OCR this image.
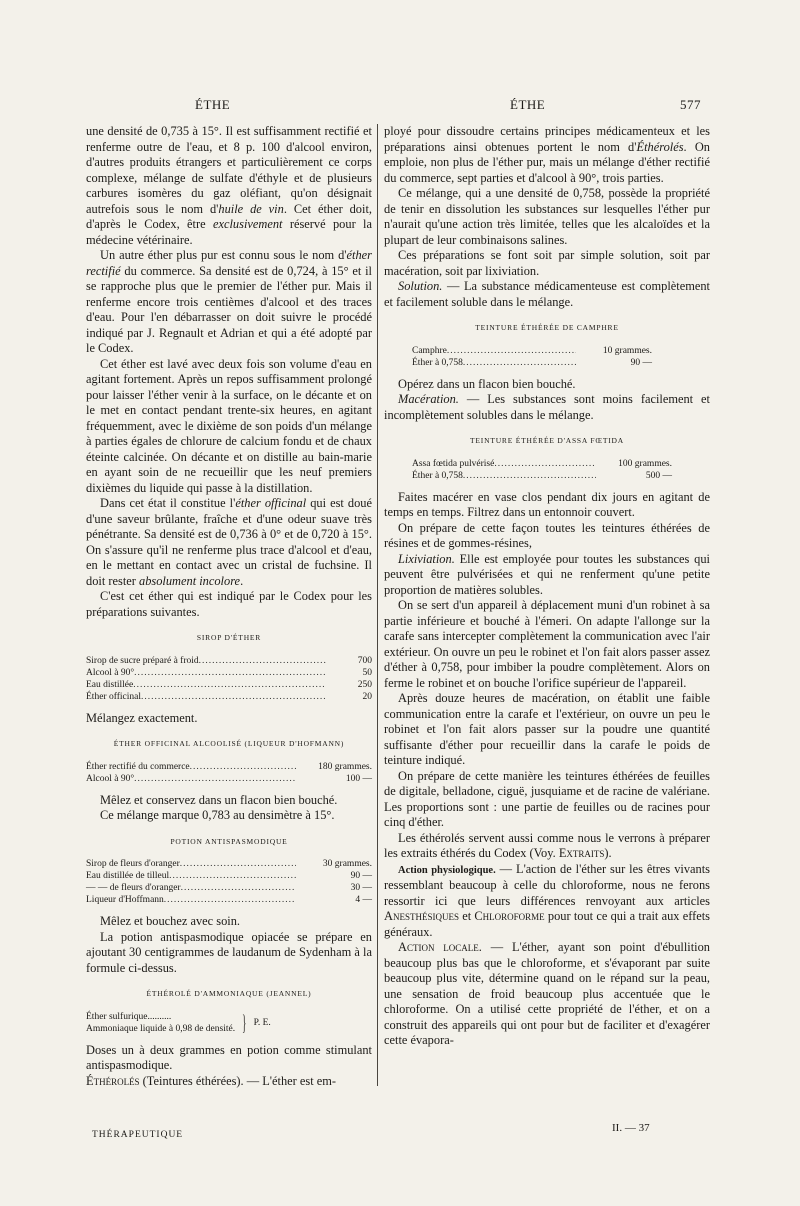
ÉTHE	ÉTHE	577

une densité de 0,735 à 15°. Il est suffisamment rectifié et renferme outre de l'eau, et 8 p. 100 d'alcool environ, d'autres produits étrangers et particulièrement ce corps complexe, mélange de sulfate d'éthyle et de plusieurs carbures isomères du gaz oléfiant, qu'on désignait autrefois sous le nom d'huile de vin. Cet éther doit, d'après le Codex, être exclusivement réservé pour la médecine vétérinaire.

Un autre éther plus pur est connu sous le nom d'éther rectifié du commerce. Sa densité est de 0,724, à 15° et il se rapproche plus que le premier de l'éther pur. Mais il renferme encore trois centièmes d'alcool et des traces d'eau. Pour l'en débarrasser on doit suivre le procédé indiqué par J. Regnault et Adrian et qui a été adopté par le Codex.

Cet éther est lavé avec deux fois son volume d'eau en agitant fortement. Après un repos suffisamment prolongé pour laisser l'éther venir à la surface, on le décante et on le met en contact pendant trente-six heures, en agitant fréquemment, avec le dixième de son poids d'un mélange à parties égales de chlorure de calcium fondu et de chaux éteinte calcinée. On décante et on distille au bain-marie en ayant soin de ne recueillir que les neuf premiers dixièmes du liquide qui passe à la distillation.

Dans cet état il constitue l'éther officinal qui est doué d'une saveur brûlante, fraîche et d'une odeur suave très pénétrante. Sa densité est de 0,736 à 0° et de 0,720 à 15°. On s'assure qu'il ne renferme plus trace d'alcool et d'eau, en le mettant en contact avec un cristal de fuchsine. Il doit rester absolument incolore.

C'est cet éther qui est indiqué par le Codex pour les préparations suivantes.

SIROP D'ÉTHER

Sirop de sucre préparé à froid .....	700
Alcool à 90° .....	50
Eau distillée .....	250
Éther officinal .....	20

Mélangez exactement.

ÉTHER OFFICINAL ALCOOLISÉ (LIQUEUR D'HOFMANN)

Éther rectifié du commerce .....	180 grammes.
Alcool à 90° .....	100 —

Mêlez et conservez dans un flacon bien bouché.

Ce mélange marque 0,783 au densimètre à 15°.

POTION ANTISPASMODIQUE

Sirop de fleurs d'oranger .....	30 grammes.
Eau distillée de tilleul .....	90 —
— — de fleurs d'oranger .....	30 —
Liqueur d'Hoffmann .....	4 —

Mêlez et bouchez avec soin.

La potion antispasmodique opiacée se prépare en ajoutant 30 centigrammes de laudanum de Sydenham à la formule ci-dessus.

ÉTHÉROLÉ D'AMMONIAQUE (JEANNEL)

Éther sulfurique..........
Ammoniaque liquide à 0,98 de densité. } P. E.

Doses un à deux grammes en potion comme stimulant antispasmodique.

Éthérolés (Teintures éthérées). — L'éther est em-

ployé pour dissoudre certains principes médicamenteux et les préparations ainsi obtenues portent le nom d'Éthérolés. On emploie, non plus de l'éther pur, mais un mélange d'éther rectifié du commerce, sept parties et d'alcool à 90°, trois parties.

Ce mélange, qui a une densité de 0,758, possède la propriété de tenir en dissolution les substances sur lesquelles l'éther pur n'aurait qu'une action très limitée, telles que les alcaloïdes et la plupart de leur combinaisons salines.

Ces préparations se font soit par simple solution, soit par macération, soit par lixiviation.

Solution. — La substance médicamenteuse est complètement et facilement soluble dans le mélange.

TEINTURE ÉTHÉRÉE DE CAMPHRE

Camphre .....	10 grammes.
Éther à 0,758 .....	90 —

Opérez dans un flacon bien bouché.

Macération. — Les substances sont moins facilement et incomplètement solubles dans le mélange.

TEINTURE ÉTHÉRÉE D'ASSA FŒTIDA

Assa fœtida pulvérisé .....	100 grammes.
Éther à 0,758 .....	500 —

Faites macérer en vase clos pendant dix jours en agitant de temps en temps. Filtrez dans un entonnoir couvert.

On prépare de cette façon toutes les teintures éthérées de résines et de gommes-résines,

Lixiviation. Elle est employée pour toutes les substances qui peuvent être pulvérisées et qui ne renferment qu'une petite proportion de matières solubles.

On se sert d'un appareil à déplacement muni d'un robinet à sa partie inférieure et bouché à l'émeri. On adapte l'allonge sur la carafe sans intercepter complètement la communication avec l'air extérieur. On ouvre un peu le robinet et l'on fait alors passer assez d'éther à 0,758, pour imbiber la poudre complètement. Alors on ferme le robinet et on bouche l'orifice supérieur de l'appareil.

Après douze heures de macération, on établit une faible communication entre la carafe et l'extérieur, on ouvre un peu le robinet et l'on fait alors passer sur la poudre une quantité suffisante d'éther pour recueillir dans la carafe le poids de teinture indiqué.

On prépare de cette manière les teintures éthérées de feuilles de digitale, belladone, ciguë, jusquiame et de racine de valériane. Les proportions sont : une partie de feuilles ou de racines pour cinq d'éther.

Les éthérolés servent aussi comme nous le verrons à préparer les extraits éthérés du Codex (Voy. Extraits).

Action physiologique. — L'action de l'éther sur les êtres vivants ressemblant beaucoup à celle du chloroforme, nous ne ferons ressortir ici que leurs différences renvoyant aux articles Anesthésiques et Chloroforme pour tout ce qui a trait aux effets généraux.

Action locale. — L'éther, ayant son point d'ébullition beaucoup plus bas que le chloroforme, et s'évaporant par suite beaucoup plus vite, détermine quand on le répand sur la peau, une sensation de froid beaucoup plus accentuée que le chloroforme. On a utilisé cette propriété de l'éther, et on a construit des appareils qui ont pour but de faciliter et d'exagérer cette évapora-

THÉRAPEUTIQUE
II. — 37
